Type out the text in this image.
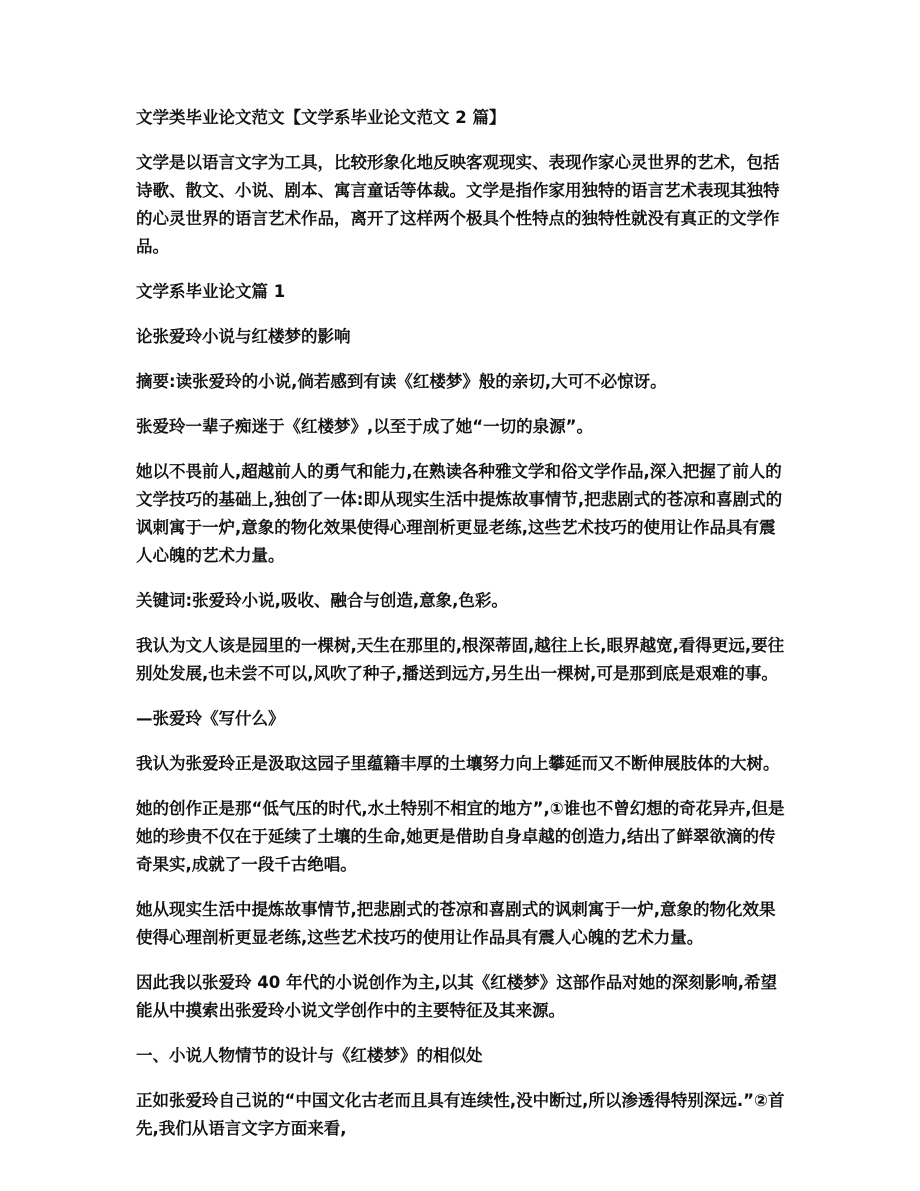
文学类毕业论文范文【文学系毕业论文范文 2 篇】

文学是以语言文字为工具，比较形象化地反映客观现实、表现作家心灵世界的艺术，包括诗歌、散文、小说、剧本、寓言童话等体裁。文学是指作家用独特的语言艺术表现其独特的心灵世界的语言艺术作品，离开了这样两个极具个性特点的独特性就没有真正的文学作品。

文学系毕业论文篇 1

论张爱玲小说与红楼梦的影响

摘要:读张爱玲的小说,倘若感到有读《红楼梦》般的亲切,大可不必惊讶。

张爱玲一辈子痴迷于《红楼梦》,以至于成了她“一切的泉源”。

她以不畏前人,超越前人的勇气和能力,在熟读各种雅文学和俗文学作品,深入把握了前人的文学技巧的基础上,独创了一体:即从现实生活中提炼故事情节,把悲剧式的苍凉和喜剧式的讽刺寓于一炉,意象的物化效果使得心理剖析更显老练,这些艺术技巧的使用让作品具有震人心魄的艺术力量。

关键词:张爱玲小说,吸收、融合与创造,意象,色彩。

我认为文人该是园里的一棵树,天生在那里的,根深蒂固,越往上长,眼界越宽,看得更远,要往别处发展,也未尝不可以,风吹了种子,播送到远方,另生出一棵树,可是那到底是艰难的事。

—张爱玲《写什么》

我认为张爱玲正是汲取这园子里蕴籍丰厚的土壤努力向上攀延而又不断伸展肢体的大树。

她的创作正是那“低气压的时代,水土特别不相宜的地方”,①谁也不曾幻想的奇花异卉,但是她的珍贵不仅在于延续了土壤的生命,她更是借助自身卓越的创造力,结出了鲜翠欲滴的传奇果实,成就了一段千古绝唱。

她从现实生活中提炼故事情节,把悲剧式的苍凉和喜剧式的讽刺寓于一炉,意象的物化效果使得心理剖析更显老练,这些艺术技巧的使用让作品具有震人心魄的艺术力量。

因此我以张爱玲 40 年代的小说创作为主,以其《红楼梦》这部作品对她的深刻影响,希望能从中摸索出张爱玲小说文学创作中的主要特征及其来源。

一、小说人物情节的设计与《红楼梦》的相似处

正如张爱玲自己说的“中国文化古老而且具有连续性,没中断过,所以渗透得特别深远.”②首先,我们从语言文字方面来看,
